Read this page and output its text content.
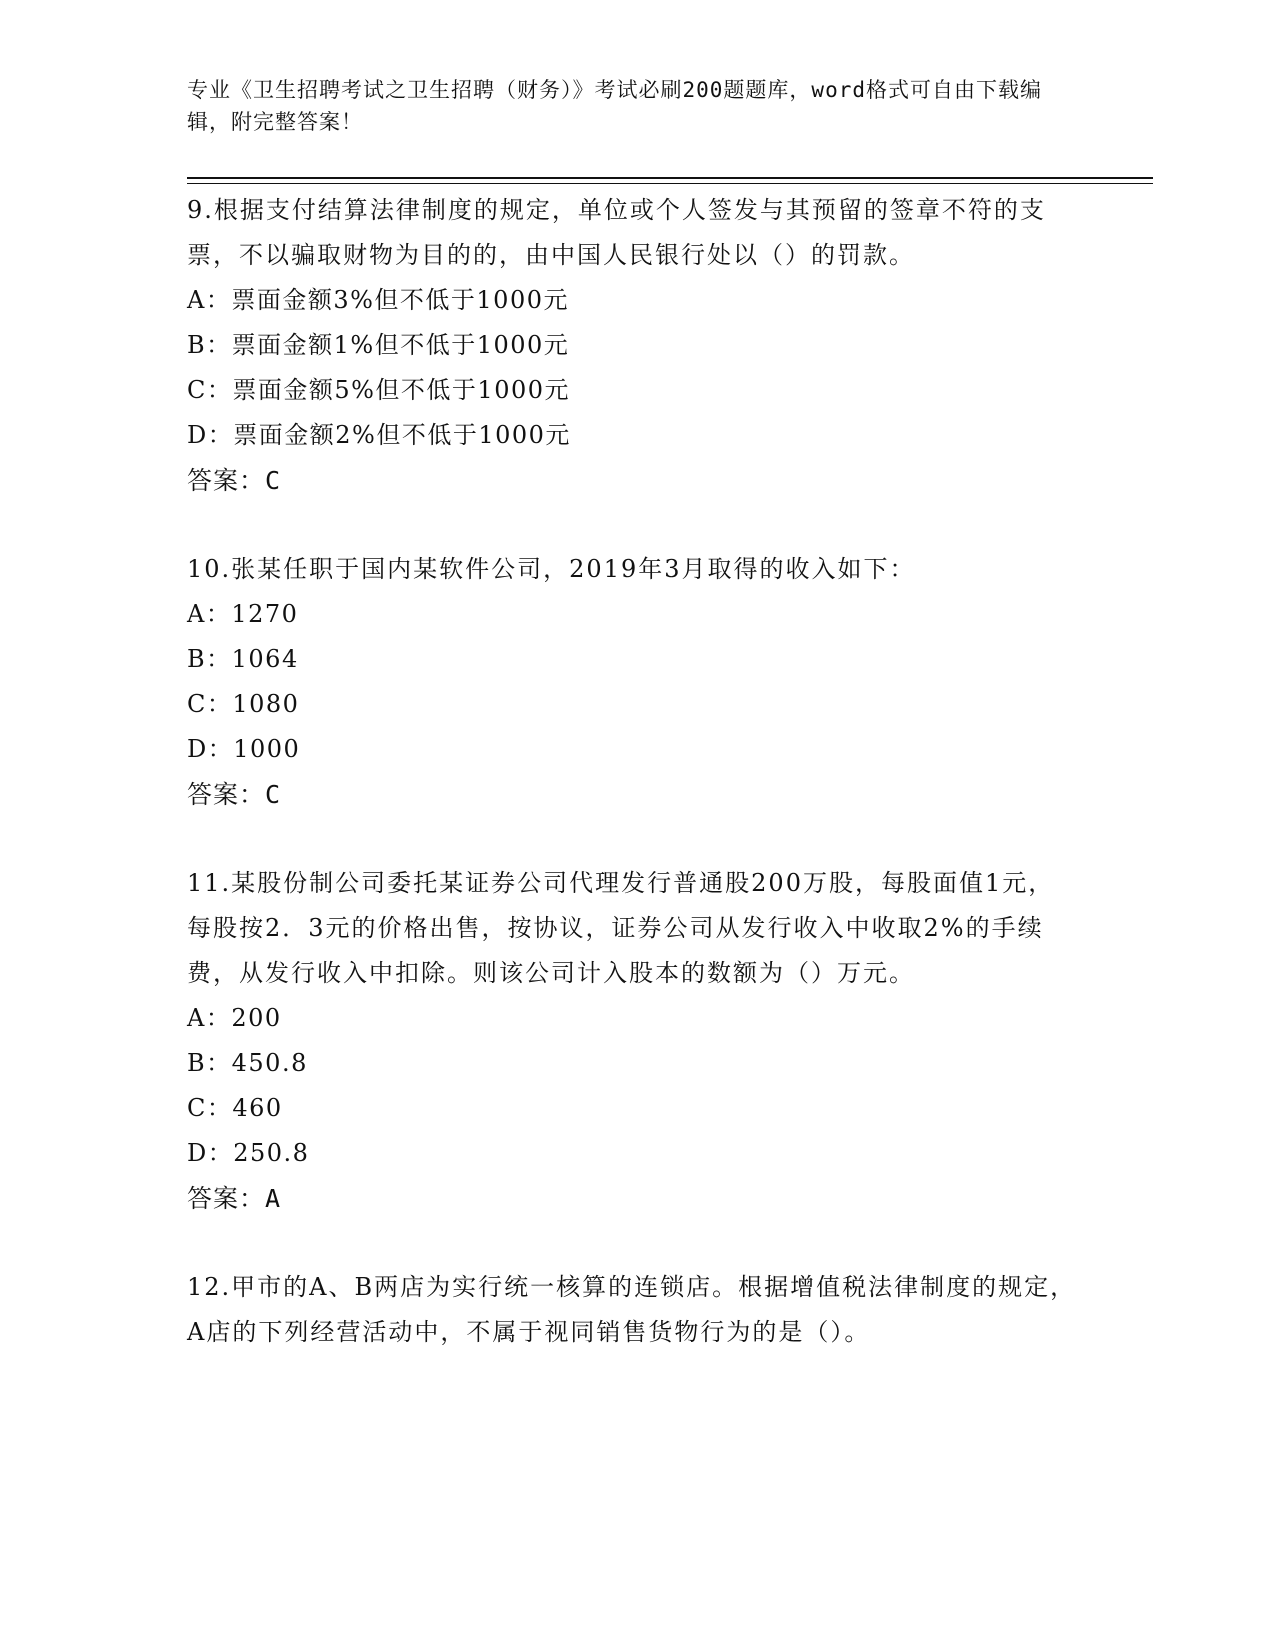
专业《卫生招聘考试之卫生招聘（财务）》考试必刷200题题库，word格式可自由下载编辑，附完整答案！

9.根据支付结算法律制度的规定，单位或个人签发与其预留的签章不符的支票，不以骗取财物为目的的，由中国人民银行处以（）的罚款。

A：票面金额3%但不低于1000元

B：票面金额1%但不低于1000元

C：票面金额5%但不低于1000元

D：票面金额2%但不低于1000元

答案：C

10.张某任职于国内某软件公司，2019年3月取得的收入如下：

A：1270

B：1064

C：1080

D：1000

答案：C

11.某股份制公司委托某证券公司代理发行普通股200万股，每股面值1元，每股按2．3元的价格出售，按协议，证券公司从发行收入中收取2%的手续费，从发行收入中扣除。则该公司计入股本的数额为（）万元。

A：200

B：450.8

C：460

D：250.8

答案：A

12.甲市的A、B两店为实行统一核算的连锁店。根据增值税法律制度的规定，A店的下列经营活动中，不属于视同销售货物行为的是（）。
